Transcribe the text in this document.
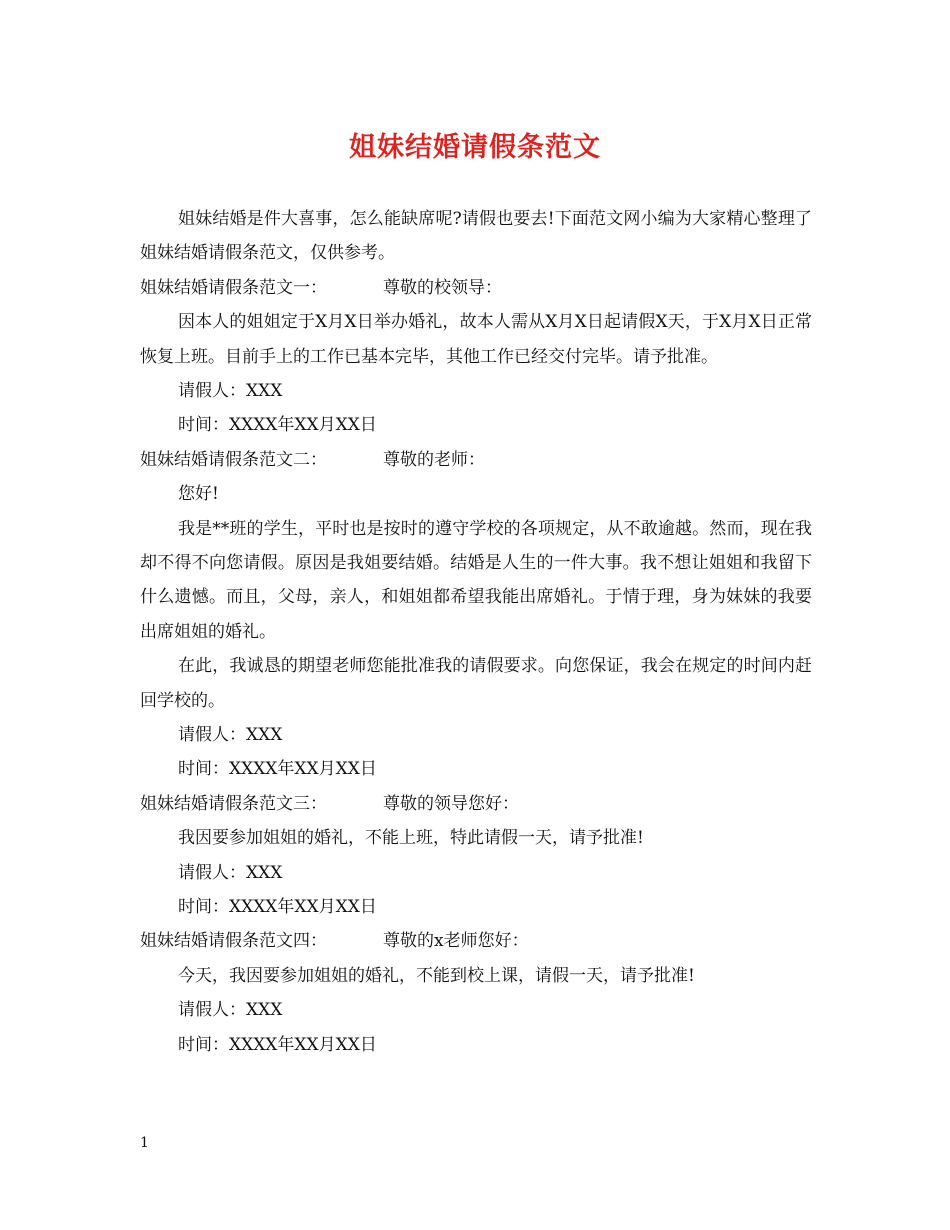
姐妹结婚请假条范文
姐妹结婚是件大喜事，怎么能缺席呢?请假也要去!下面范文网小编为大家精心整理了姐妹结婚请假条范文，仅供参考。
姐妹结婚请假条范文一：	尊敬的校领导：
因本人的姐姐定于X月X日举办婚礼，故本人需从X月X日起请假X天，于X月X日正常恢复上班。目前手上的工作已基本完毕，其他工作已经交付完毕。请予批准。
请假人：XXX
时间：XXXX年XX月XX日
姐妹结婚请假条范文二：	尊敬的老师：
您好!
我是**班的学生，平时也是按时的遵守学校的各项规定，从不敢逾越。然而，现在我却不得不向您请假。原因是我姐要结婚。结婚是人生的一件大事。我不想让姐姐和我留下什么遗憾。而且，父母，亲人，和姐姐都希望我能出席婚礼。于情于理，身为妹妹的我要出席姐姐的婚礼。
在此，我诚恳的期望老师您能批准我的请假要求。向您保证，我会在规定的时间内赶回学校的。
请假人：XXX
时间：XXXX年XX月XX日
姐妹结婚请假条范文三：	尊敬的领导您好：
我因要参加姐姐的婚礼，不能上班，特此请假一天，请予批准!
请假人：XXX
时间：XXXX年XX月XX日
姐妹结婚请假条范文四：	尊敬的x老师您好：
今天，我因要参加姐姐的婚礼，不能到校上课，请假一天，请予批准!
请假人：XXX
时间：XXXX年XX月XX日
1
